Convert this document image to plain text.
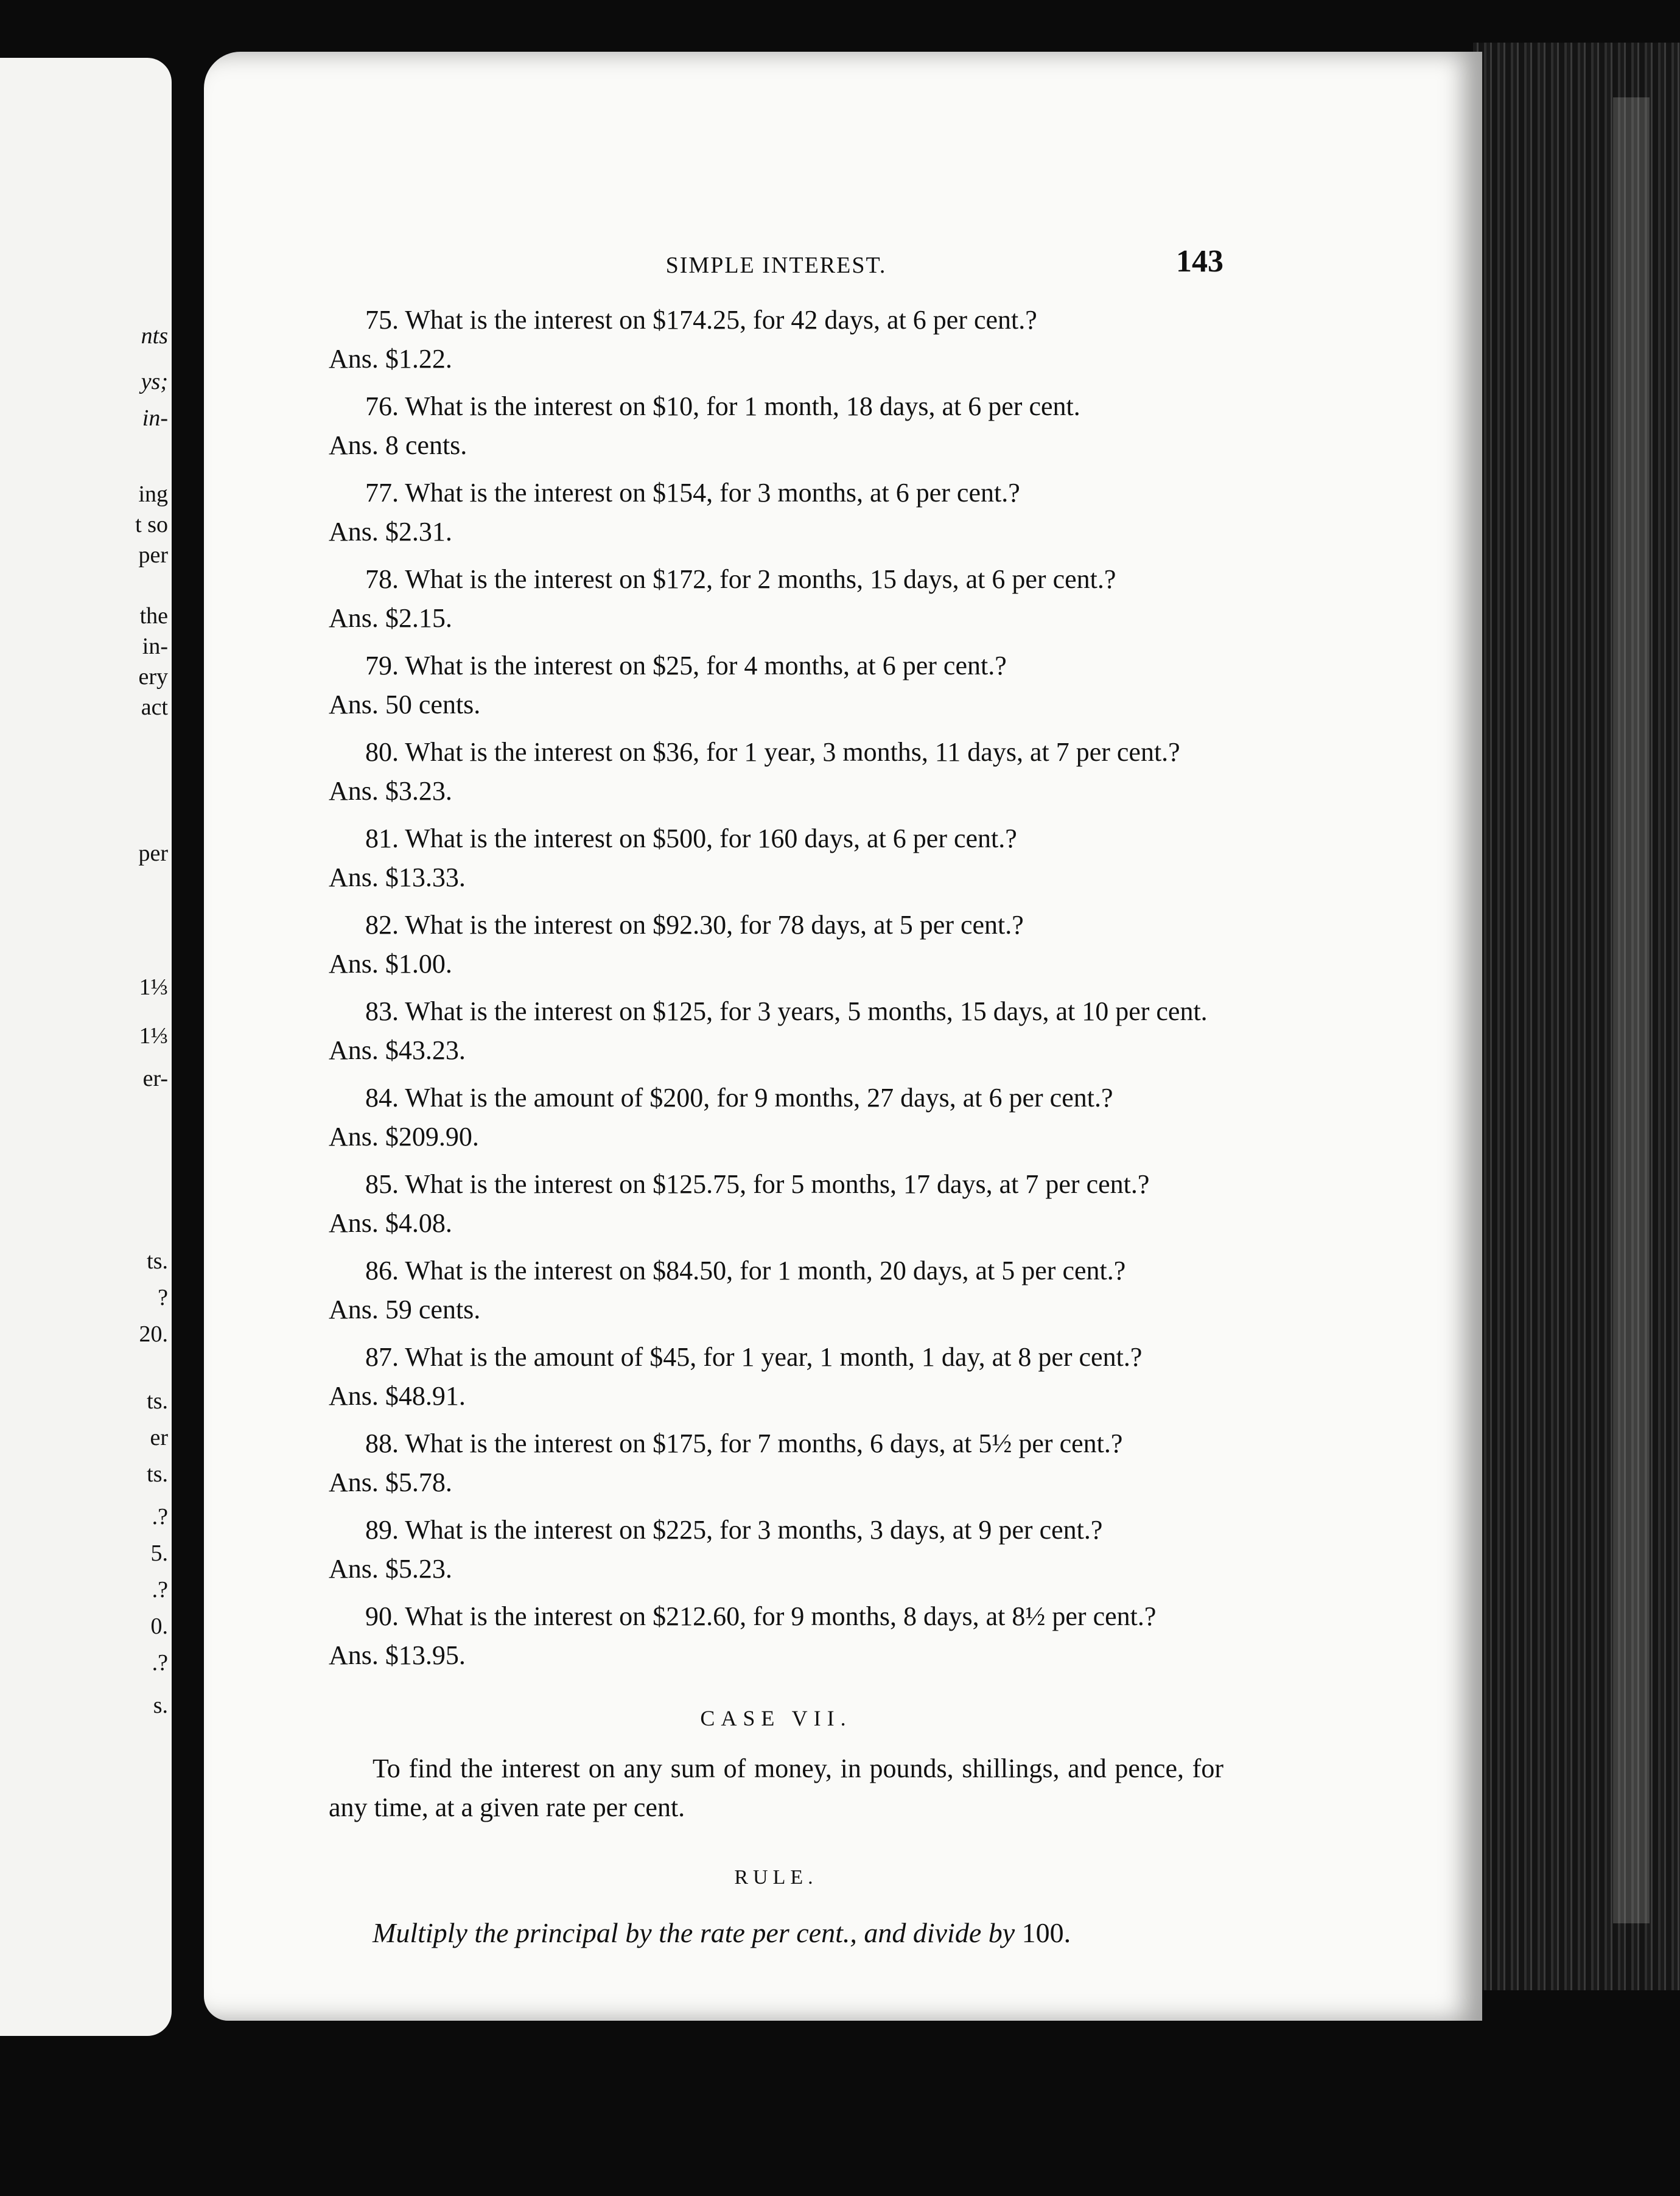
nts
ys;
in-
ing
t so
per
the
in-
ery
act
per
1⅓
1⅓
er-
ts.
?
20.
ts.
er
ts.
.?
5.
.?
0.
.?
s.
SIMPLE INTEREST.	143
75. What is the interest on $174.25, for 42 days, at 6 per cent.?
Ans. $1.22.
76. What is the interest on $10, for 1 month, 18 days, at 6 per cent.
Ans. 8 cents.
77. What is the interest on $154, for 3 months, at 6 per cent.?
Ans. $2.31.
78. What is the interest on $172, for 2 months, 15 days, at 6 per cent.?
Ans. $2.15.
79. What is the interest on $25, for 4 months, at 6 per cent.?
Ans. 50 cents.
80. What is the interest on $36, for 1 year, 3 months, 11 days, at 7 per cent.?
Ans. $3.23.
81. What is the interest on $500, for 160 days, at 6 per cent.?
Ans. $13.33.
82. What is the interest on $92.30, for 78 days, at 5 per cent.?
Ans. $1.00.
83. What is the interest on $125, for 3 years, 5 months, 15 days, at 10 per cent.
Ans. $43.23.
84. What is the amount of $200, for 9 months, 27 days, at 6 per cent.?
Ans. $209.90.
85. What is the interest on $125.75, for 5 months, 17 days, at 7 per cent.?
Ans. $4.08.
86. What is the interest on $84.50, for 1 month, 20 days, at 5 per cent.?
Ans. 59 cents.
87. What is the amount of $45, for 1 year, 1 month, 1 day, at 8 per cent.?
Ans. $48.91.
88. What is the interest on $175, for 7 months, 6 days, at 5½ per cent.?
Ans. $5.78.
89. What is the interest on $225, for 3 months, 3 days, at 9 per cent.?
Ans. $5.23.
90. What is the interest on $212.60, for 9 months, 8 days, at 8½ per cent.?
Ans. $13.95.
CASE VII.
To find the interest on any sum of money, in pounds, shillings, and pence, for any time, at a given rate per cent.
RULE.
Multiply the principal by the rate per cent., and divide by 100.
